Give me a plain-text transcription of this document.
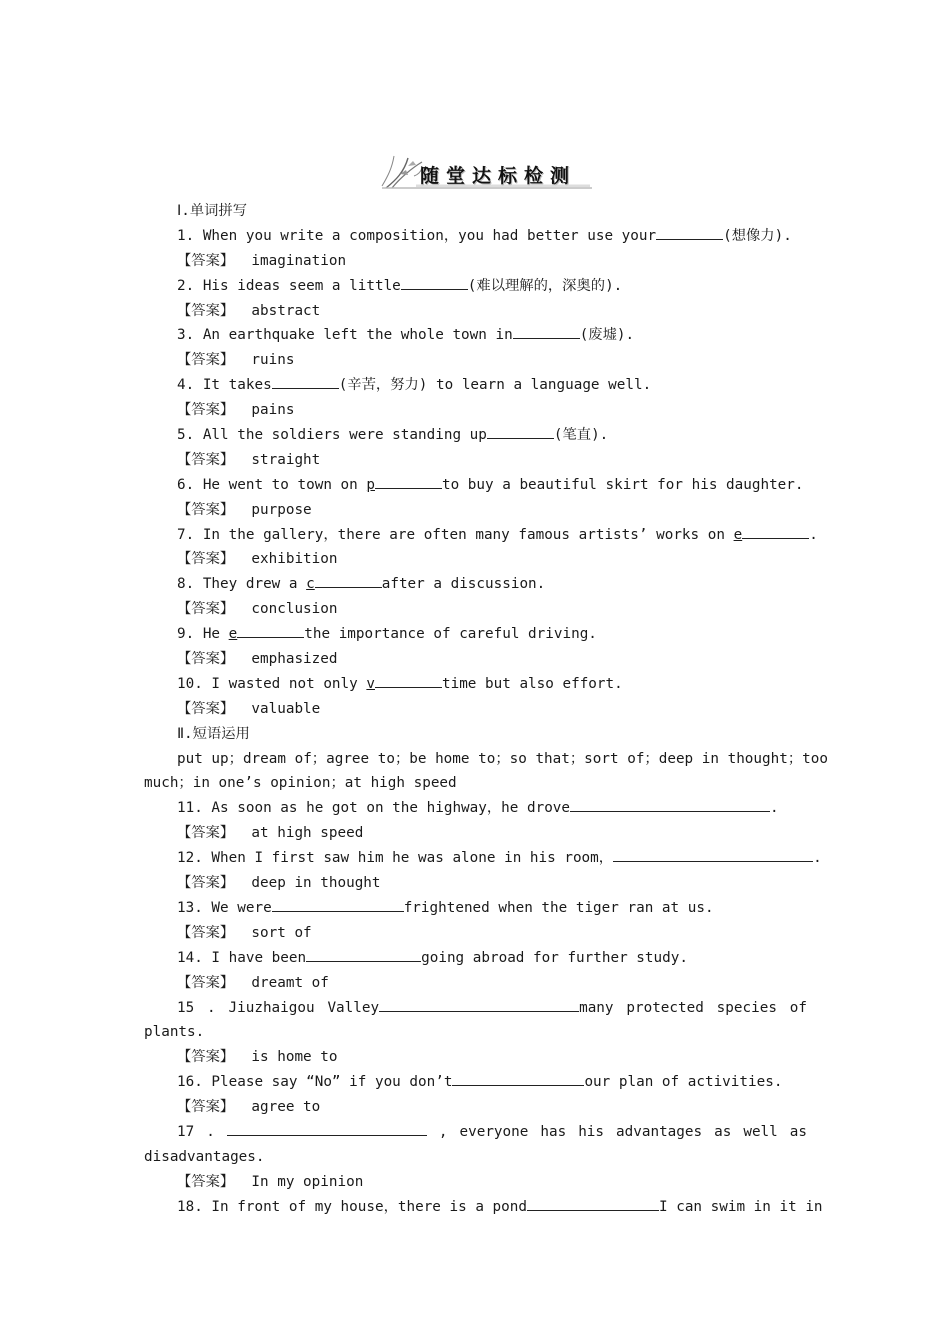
随堂达标检测
Ⅰ.单词拼写
1. When you write a composition，you had better use your	(想像力).
【答案】 imagination
2. His ideas seem a little	(难以理解的，深奥的).
【答案】 abstract
3. An earthquake left the whole town in	(废墟).
【答案】 ruins
4. It takes	(辛苦，努力) to learn a language well.
【答案】 pains
5. All the soldiers were standing up	(笔直).
【答案】 straight
6. He went to town on p	to buy a beautiful skirt for his daughter.
【答案】 purpose
7. In the gallery，there are often many famous artists’ works on e	.
【答案】 exhibition
8. They drew a c	after a discussion.
【答案】 conclusion
9. He e	the importance of careful driving.
【答案】 emphasized
10. I wasted not only v	time but also effort.
【答案】 valuable
Ⅱ.短语运用
put up；dream of；agree to；be home to；so that；sort of；deep in thought；too
much；in one’s opinion；at high speed
11. As soon as he got on the highway，he drove	.
【答案】 at high speed
12. When I first saw him he was alone in his room，	.
【答案】 deep in thought
13. We were	frightened when the tiger ran at us.
【答案】 sort of
14. I have been	going abroad for further study.
【答案】 dreamt of
15 . Jiuzhaigou Valley	many protected species of
plants.
【答案】 is home to
16. Please say “No” if you don’t	our plan of activities.
【答案】 agree to
17 .	, everyone has his advantages as well as
disadvantages.
【答案】 In my opinion
18. In front of my house，there is a pond	I can swim in it in
